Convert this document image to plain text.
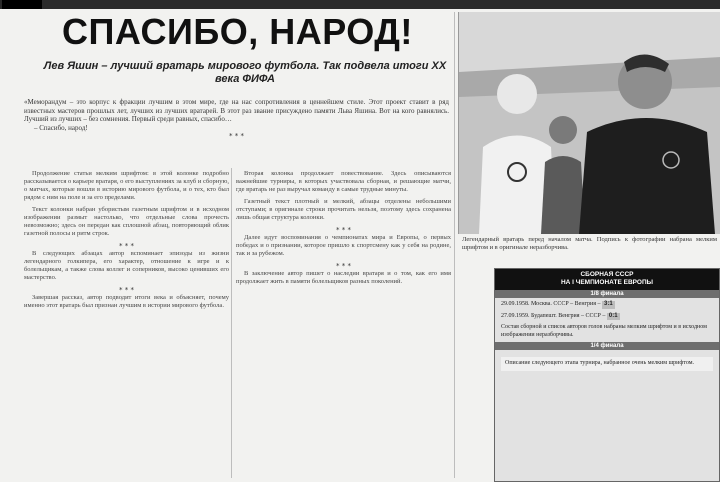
СПАСИБО, НАРОД!
Лев Яшин – лучший вратарь мирового футбола. Так подвела итоги XX века ФИФА
«Меморандум – это корпус к фракции лучшим в этом мире, где на нас сопротивления в ценнейшем стиле. Этот проект ставит в ряд известных мастеров прошлых лет, лучших из лучших вратарей. В этот раз звание присуждено памяти Льва Яшина. Вот на кого равнялись. Лучший из лучших – без сомнения. Первый среди равных, спасибо…
– Спасибо, народ!
* * *

Продолжение статьи мелким шрифтом: в этой колонке подробно рассказывается о карьере вратаря, о его выступлениях за клуб и сборную, о матчах, которые вошли в историю мирового футбола, и о тех, кто был рядом с ним на поле и за его пределами.

Текст колонки набран убористым газетным шрифтом и в исходном изображении размыт настолько, что отдельные слова прочесть невозможно; здесь он передан как сплошной абзац, повторяющий облик газетной полосы и ритм строк.

* * *

В следующих абзацах автор вспоминает эпизоды из жизни легендарного голкипера, его характер, отношение к игре и к болельщикам, а также слова коллег и соперников, высоко ценивших его мастерство.

* * *

Завершая рассказ, автор подводит итоги века и объясняет, почему именно этот вратарь был признан лучшим в истории мирового футбола.

Вторая колонка продолжает повествование. Здесь описываются важнейшие турниры, в которых участвовала сборная, и решающие матчи, где вратарь не раз выручал команду в самые трудные минуты.

Газетный текст плотный и мелкий, абзацы отделены небольшими отступами; в оригинале строки прочитать нельзя, поэтому здесь сохранена лишь общая структура колонки.

* * *

Далее идут воспоминания о чемпионатах мира и Европы, о первых победах и о признании, которое пришло к спортсмену как у себя на родине, так и за рубежом.

* * *

В заключение автор пишет о наследии вратаря и о том, как его имя продолжает жить в памяти болельщиков разных поколений.

Легендарный вратарь перед началом матча. Подпись к фотографии набрана мелким шрифтом и в оригинале неразборчива.
СБОРНАЯ СССР
НА I ЧЕМПИОНАТЕ ЕВРОПЫ
1/8 финала
29.09.1958. Москва. СССР – Венгрия – 3:1
27.09.1959. Будапешт. Венгрия – СССР – 0:1
Состав сборной и список авторов голов набраны мелким шрифтом и в исходном изображении неразборчивы.
1/4 финала
Описание следующего этапа турнира, набранное очень мелким шрифтом.
